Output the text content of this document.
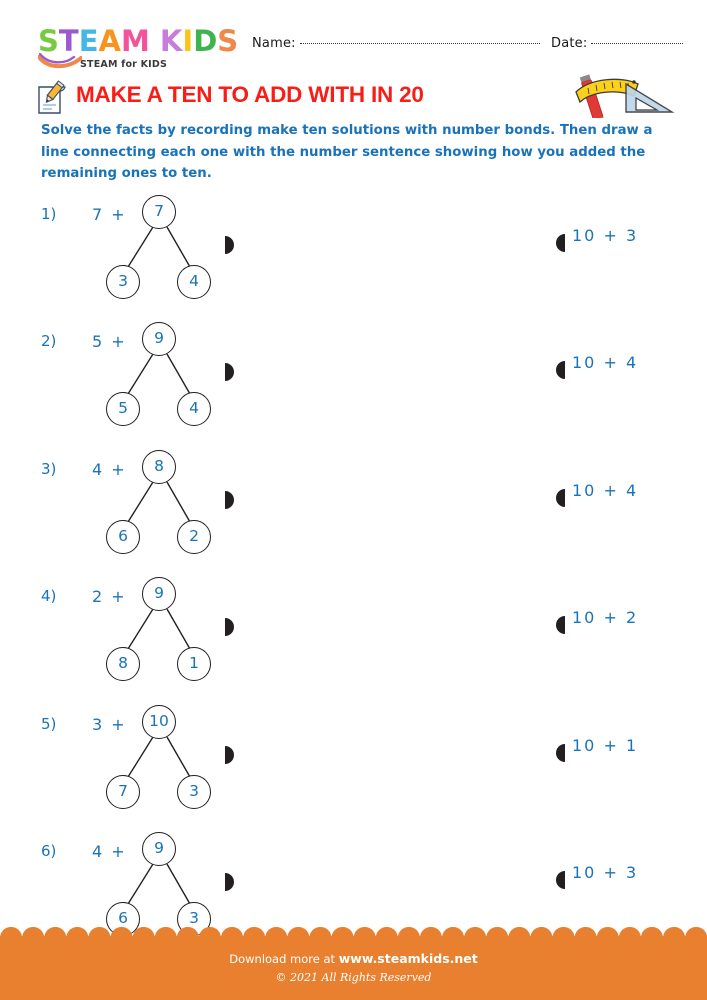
STEAM KIDS
STEAM for KIDS
Name:	Date:
MAKE A TEN TO ADD WITH IN 20
Solve the facts by recording make ten solutions with number bonds. Then draw a line connecting each one with the number sentence showing how you added the remaining ones to ten.
1) 7 +	7
3	4
10 + 3
2) 5 +	9
5	4
10 + 4
3) 4 +	8
6	2
10 + 4
4) 2 +	9
8	1
10 + 2
5) 3 +	10
7	3
10 + 1
6) 4 +	9
6	3
10 + 3
Download more at www.steamkids.net
© 2021 All Rights Reserved
